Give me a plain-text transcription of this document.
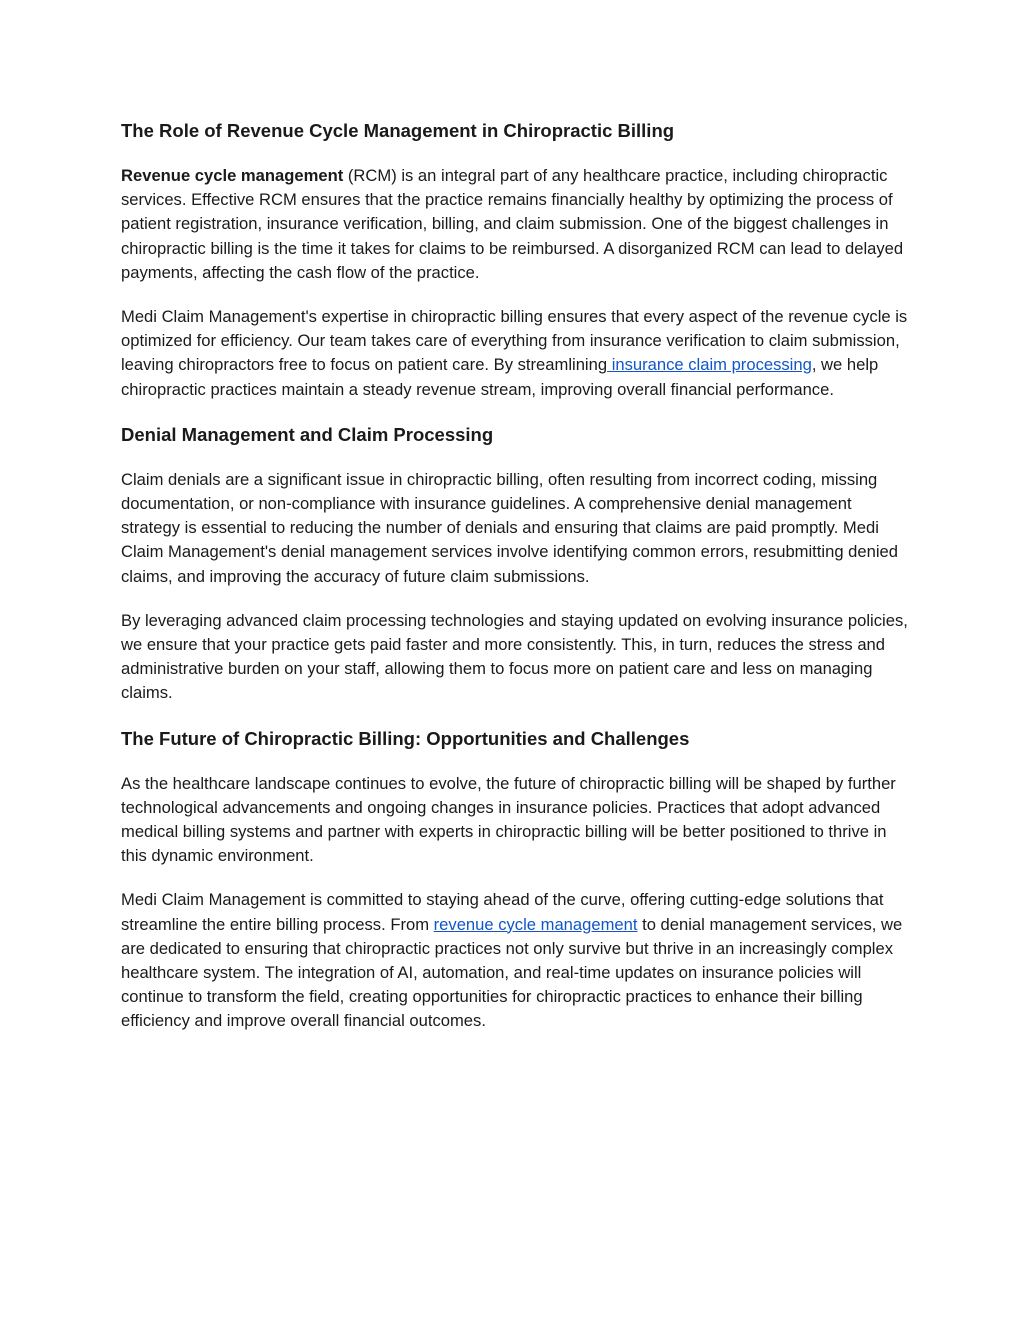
The Role of Revenue Cycle Management in Chiropractic Billing

Revenue cycle management (RCM) is an integral part of any healthcare practice, including chiropractic services. Effective RCM ensures that the practice remains financially healthy by optimizing the process of patient registration, insurance verification, billing, and claim submission. One of the biggest challenges in chiropractic billing is the time it takes for claims to be reimbursed. A disorganized RCM can lead to delayed payments, affecting the cash flow of the practice.

Medi Claim Management's expertise in chiropractic billing ensures that every aspect of the revenue cycle is optimized for efficiency. Our team takes care of everything from insurance verification to claim submission, leaving chiropractors free to focus on patient care. By streamlining insurance claim processing, we help chiropractic practices maintain a steady revenue stream, improving overall financial performance.

Denial Management and Claim Processing

Claim denials are a significant issue in chiropractic billing, often resulting from incorrect coding, missing documentation, or non-compliance with insurance guidelines. A comprehensive denial management strategy is essential to reducing the number of denials and ensuring that claims are paid promptly. Medi Claim Management's denial management services involve identifying common errors, resubmitting denied claims, and improving the accuracy of future claim submissions.

By leveraging advanced claim processing technologies and staying updated on evolving insurance policies, we ensure that your practice gets paid faster and more consistently. This, in turn, reduces the stress and administrative burden on your staff, allowing them to focus more on patient care and less on managing claims.

The Future of Chiropractic Billing: Opportunities and Challenges

As the healthcare landscape continues to evolve, the future of chiropractic billing will be shaped by further technological advancements and ongoing changes in insurance policies. Practices that adopt advanced medical billing systems and partner with experts in chiropractic billing will be better positioned to thrive in this dynamic environment.

Medi Claim Management is committed to staying ahead of the curve, offering cutting-edge solutions that streamline the entire billing process. From revenue cycle management to denial management services, we are dedicated to ensuring that chiropractic practices not only survive but thrive in an increasingly complex healthcare system. The integration of AI, automation, and real-time updates on insurance policies will continue to transform the field, creating opportunities for chiropractic practices to enhance their billing efficiency and improve overall financial outcomes.
